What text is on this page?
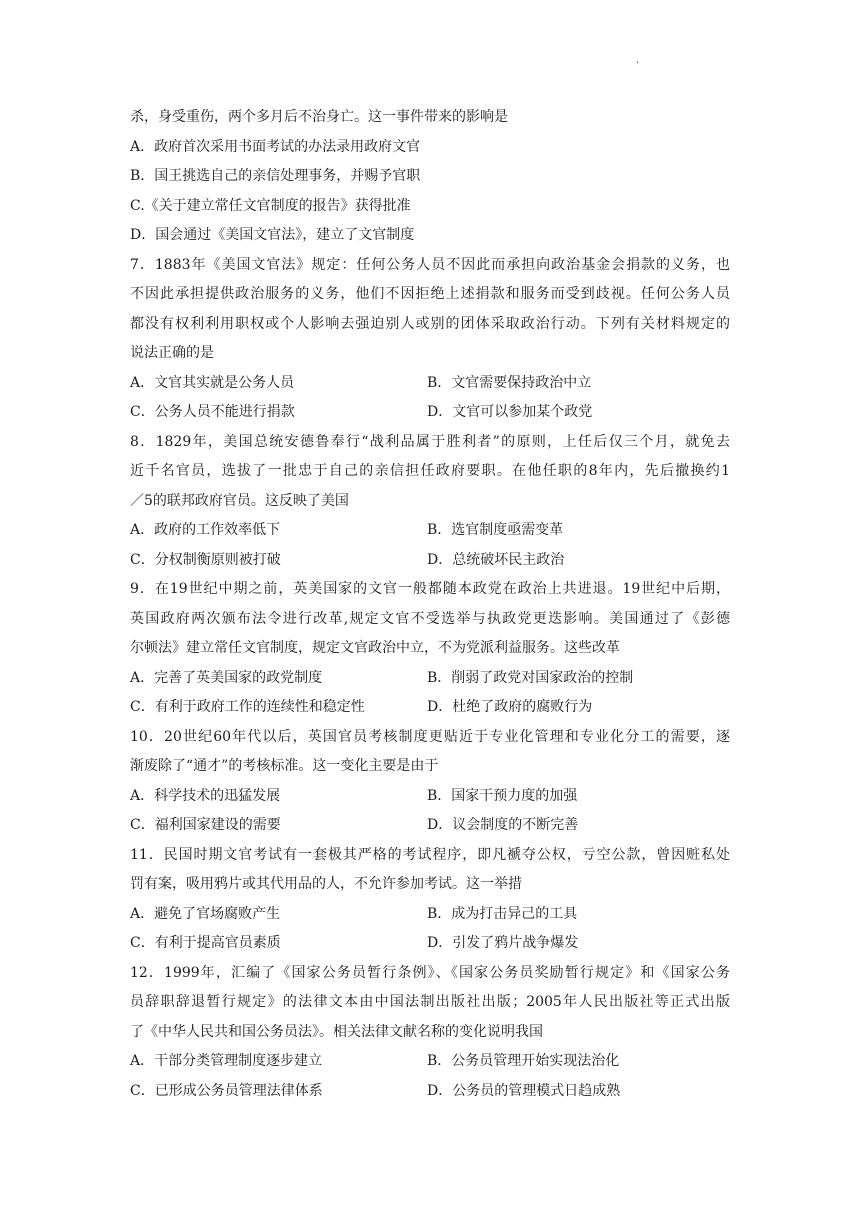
·
杀，身受重伤，两个多月后不治身亡。这一事件带来的影响是
A．政府首次采用书面考试的办法录用政府文官
B．国王挑选自己的亲信处理事务，并赐予官职
C.《关于建立常任文官制度的报告》获得批准
D．国会通过《美国文官法》，建立了文官制度
7．1883年《美国文官法》规定：任何公务人员不因此而承担向政治基金会捐款的义务，也
不因此承担提供政治服务的义务，他们不因拒绝上述捐款和服务而受到歧视。任何公务人员
都没有权利利用职权或个人影响去强迫别人或别的团体采取政治行动。下列有关材料规定的
说法正确的是
A．文官其实就是公务人员	B．文官需要保持政治中立
C．公务人员不能进行捐款	D．文官可以参加某个政党
8．1829年，美国总统安德鲁奉行“战利品属于胜利者”的原则，上任后仅三个月，就免去
近千名官员，选拔了一批忠于自己的亲信担任政府要职。在他任职的8年内，先后撤换约1
／5的联邦政府官员。这反映了美国
A．政府的工作效率低下	B．选官制度亟需变革
C．分权制衡原则被打破	D．总统破坏民主政治
9．在19世纪中期之前，英美国家的文官一般都随本政党在政治上共进退。19世纪中后期，
英国政府两次颁布法令进行改革,规定文官不受选举与执政党更迭影响。美国通过了《彭德
尔顿法》建立常任文官制度，规定文官政治中立，不为党派利益服务。这些改革
A．完善了英美国家的政党制度	B．削弱了政党对国家政治的控制
C．有利于政府工作的连续性和稳定性	D．杜绝了政府的腐败行为
10．20世纪60年代以后，英国官员考核制度更贴近于专业化管理和专业化分工的需要，逐
渐废除了“通才”的考核标准。这一变化主要是由于
A．科学技术的迅猛发展	B．国家干预力度的加强
C．福利国家建设的需要	D．议会制度的不断完善
11．民国时期文官考试有一套极其严格的考试程序，即凡褫夺公权，亏空公款，曾因赃私处
罚有案，吸用鸦片或其代用品的人，不允许参加考试。这一举措
A．避免了官场腐败产生	B．成为打击异己的工具
C．有利于提高官员素质	D．引发了鸦片战争爆发
12．1999年，汇编了《国家公务员暂行条例》、《国家公务员奖励暂行规定》和《国家公务
员辞职辞退暂行规定》的法律文本由中国法制出版社出版；2005年人民出版社等正式出版
了《中华人民共和国公务员法》。相关法律文献名称的变化说明我国
A．干部分类管理制度逐步建立	B．公务员管理开始实现法治化
C．已形成公务员管理法律体系	D．公务员的管理模式日趋成熟
